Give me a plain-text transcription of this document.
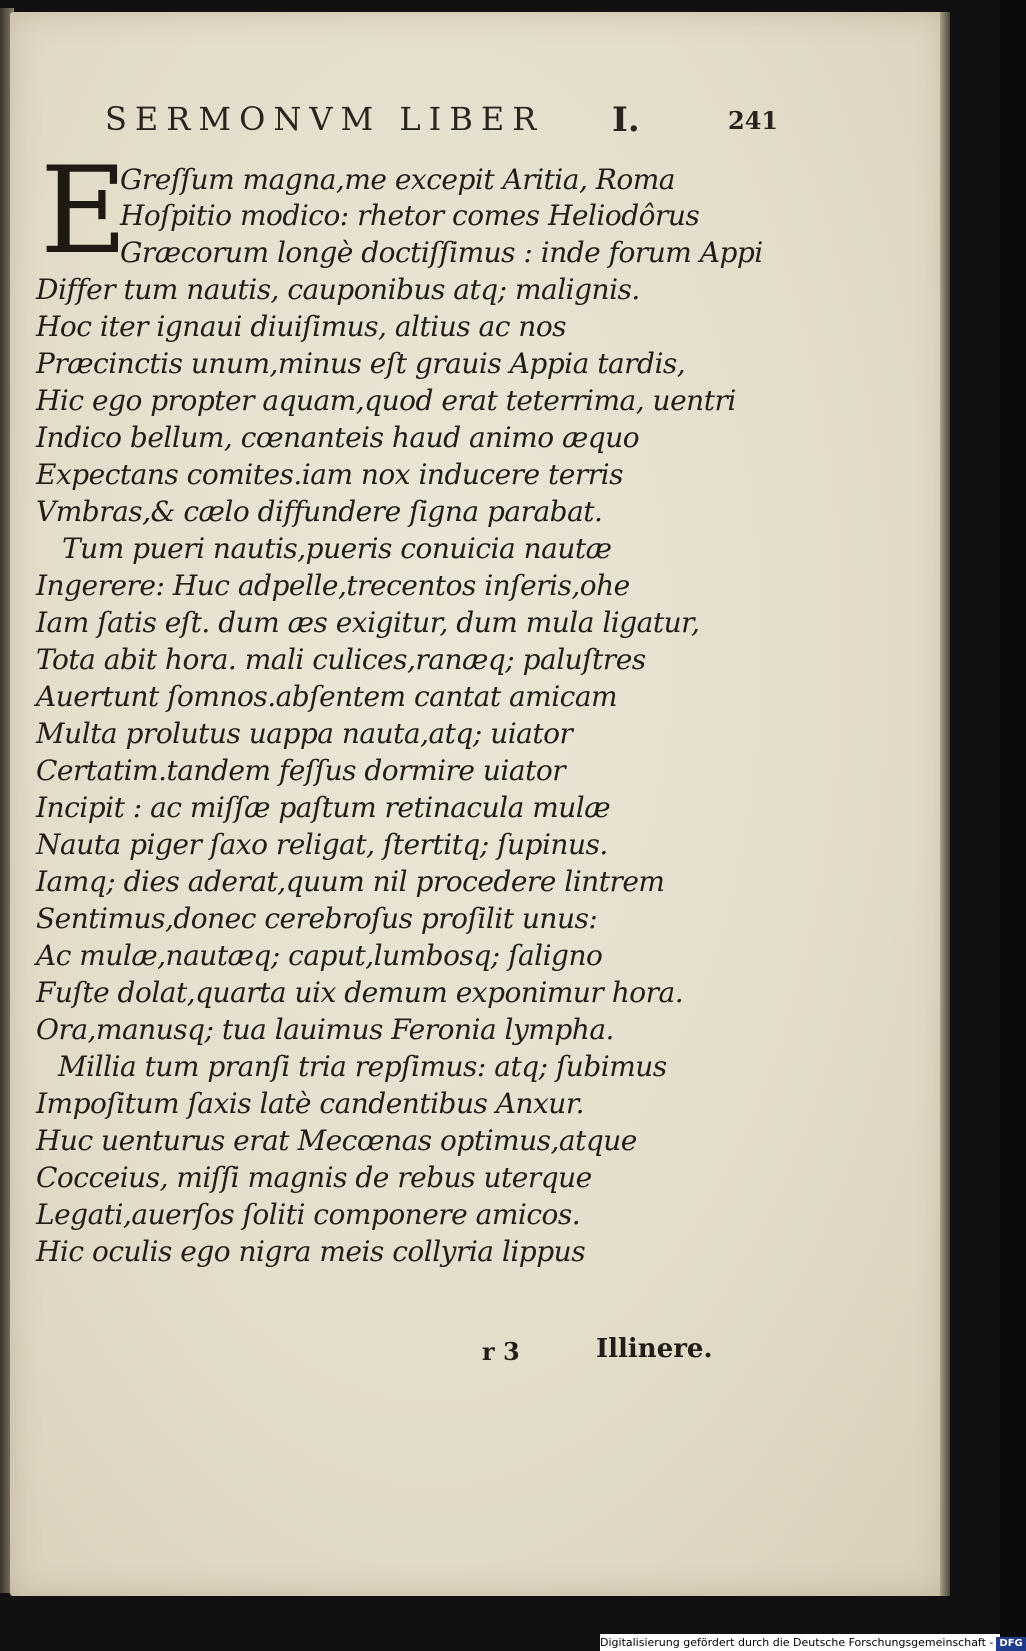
SERMONVM LIBER I.	241
E
Greſſum magna,me excepit Aritia, Roma
Hoſpitio modico: rhetor comes Heliodôrus
Græcorum longè doctiſſimus : inde forum Appi
Differ tum nautis, cauponibus atq; malignis.
Hoc iter ignaui diuiſimus, altius ac nos
Præcinctis unum,minus eſt grauis Appia tardis,
Hic ego propter aquam,quod erat teterrima, uentri
Indico bellum, cœnanteis haud animo æquo
Expectans comites.iam nox inducere terris
Vmbras,& cælo diffundere ſigna parabat.
Tum pueri nautis,pueris conuicia nautæ
Ingerere: Huc adpelle,trecentos inſeris,ohe
Iam ſatis eſt. dum æs exigitur, dum mula ligatur,
Tota abit hora. mali culices,ranæq; paluſtres
Auertunt ſomnos.abſentem cantat amicam
Multa prolutus uappa nauta,atq; uiator
Certatim.tandem feſſus dormire uiator
Incipit : ac miſſæ paſtum retinacula mulæ
Nauta piger ſaxo religat, ſtertitq; ſupinus.
Iamq; dies aderat,quum nil procedere lintrem
Sentimus,donec cerebroſus proſilit unus:
Ac mulæ,nautæq; caput,lumbosq; ſaligno
Fuſte dolat,quarta uix demum exponimur hora.
Ora,manusq; tua lauimus Feronia lympha.
Millia tum pranſi tria repſimus: atq; ſubimus
Impoſitum ſaxis latè candentibus Anxur.
Huc uenturus erat Mecœnas optimus,atque
Cocceius, miſſi magnis de rebus uterque
Legati,auerſos ſoliti componere amicos.
Hic oculis ego nigra meis collyria lippus
r 3	Illinere.
Digitalisierung gefördert durch die Deutsche Forschungsgemeinschaft - DFG
